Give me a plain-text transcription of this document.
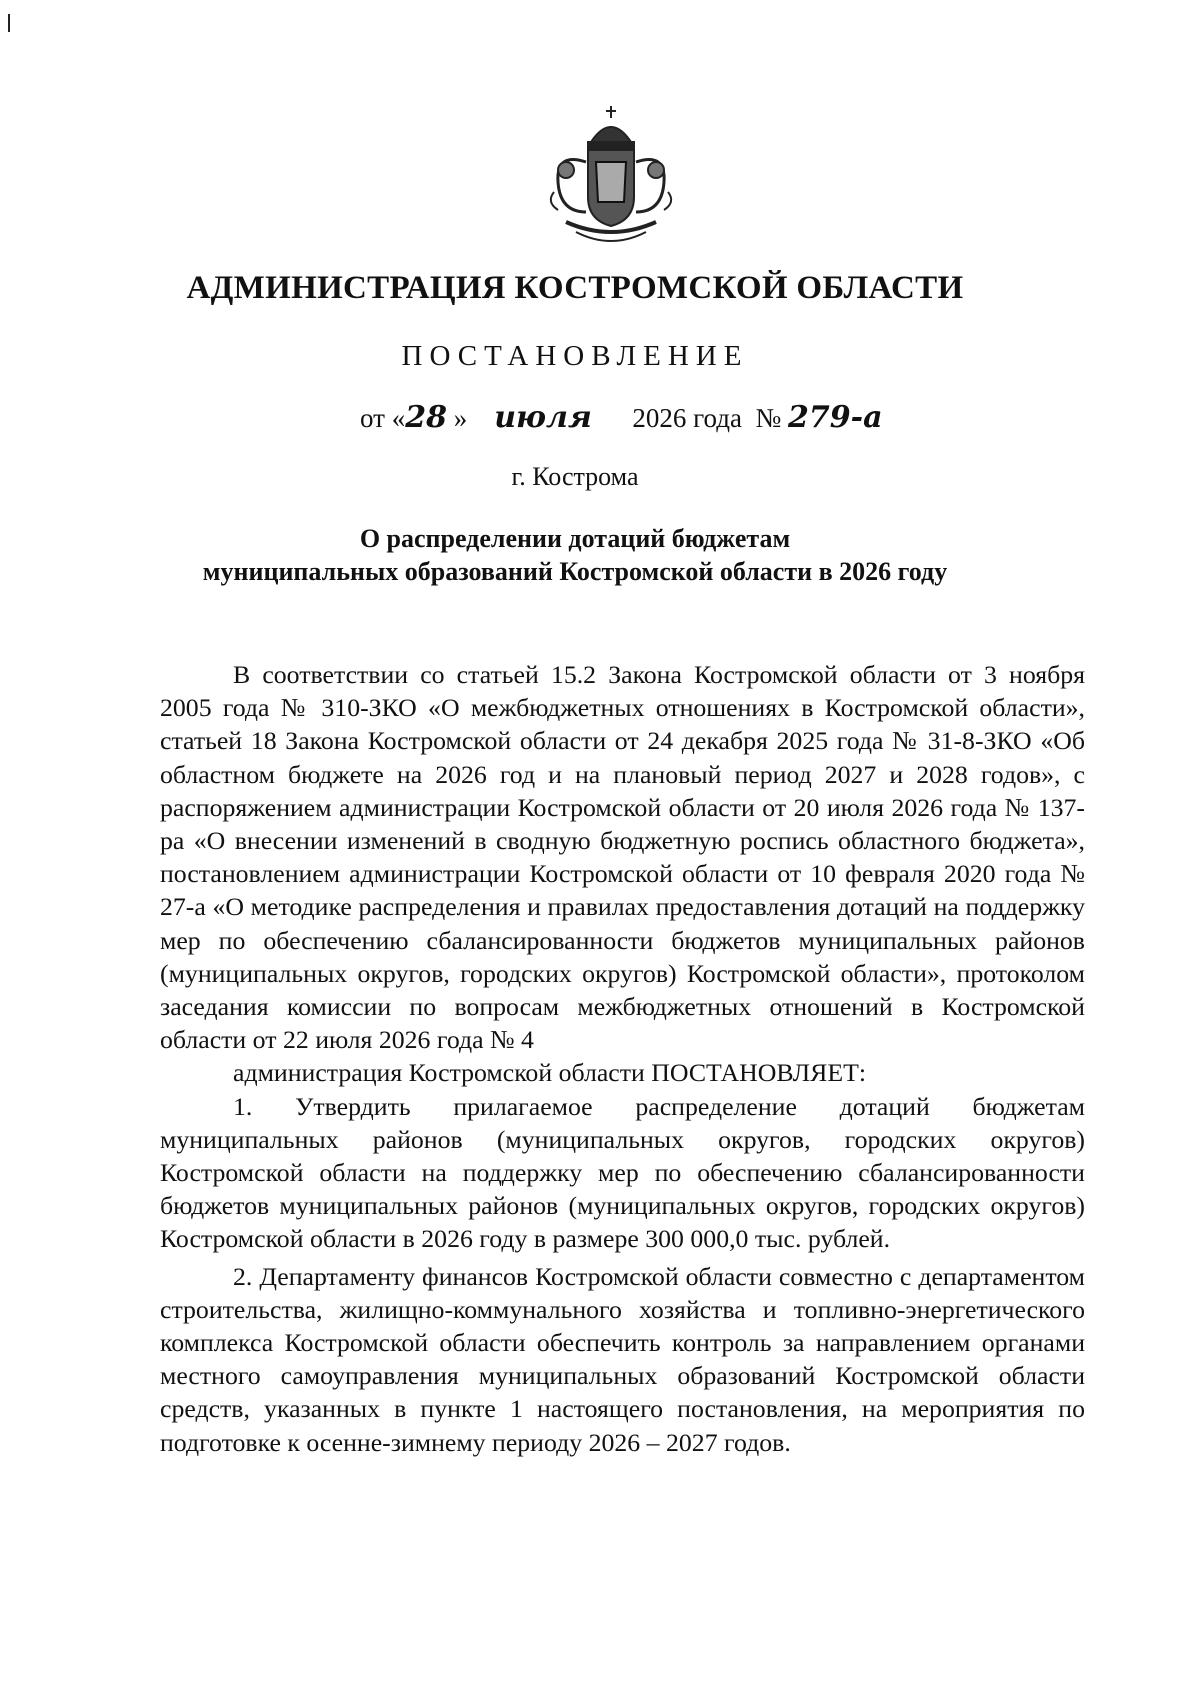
АДМИНИСТРАЦИЯ КОСТРОМСКОЙ ОБЛАСТИ
ПОСТАНОВЛЕНИЕ
от «28 » июля 2026 года № 279-а
г. Кострома
О распределении дотаций бюджетам
муниципальных образований Костромской области в 2026 году

В соответствии со статьей 15.2 Закона Костромской области от 3 ноября 2005 года № 310-ЗКО «О межбюджетных отношениях в Костромской области», статьей 18 Закона Костромской области от 24 декабря 2025 года № 31-8-ЗКО «Об областном бюджете на 2026 год и на плановый период 2027 и 2028 годов», с распоряжением администрации Костромской области от 20 июля 2026 года № 137-ра «О внесении изменений в сводную бюджетную роспись областного бюджета», постановлением администрации Костромской области от 10 февраля 2020 года № 27-а «О методике распределения и правилах предоставления дотаций на поддержку мер по обеспечению сбалансированности бюджетов муниципальных районов (муниципальных округов, городских округов) Костромской области», протоколом заседания комиссии по вопросам межбюджетных отношений в Костромской области от 22 июля 2026 года № 4

администрация Костромской области ПОСТАНОВЛЯЕТ:

1. Утвердить прилагаемое распределение дотаций бюджетам муниципальных районов (муниципальных округов, городских округов) Костромской области на поддержку мер по обеспечению сбалансированности бюджетов муниципальных районов (муниципальных округов, городских округов) Костромской области в 2026 году в размере 300 000,0 тыс. рублей.

2. Департаменту финансов Костромской области совместно с департаментом строительства, жилищно-коммунального хозяйства и топливно-энергетического комплекса Костромской области обеспечить контроль за направлением органами местного самоуправления муниципальных образований Костромской области средств, указанных в пункте 1 настоящего постановления, на мероприятия по подготовке к осенне-зимнему периоду 2026 – 2027 годов.
